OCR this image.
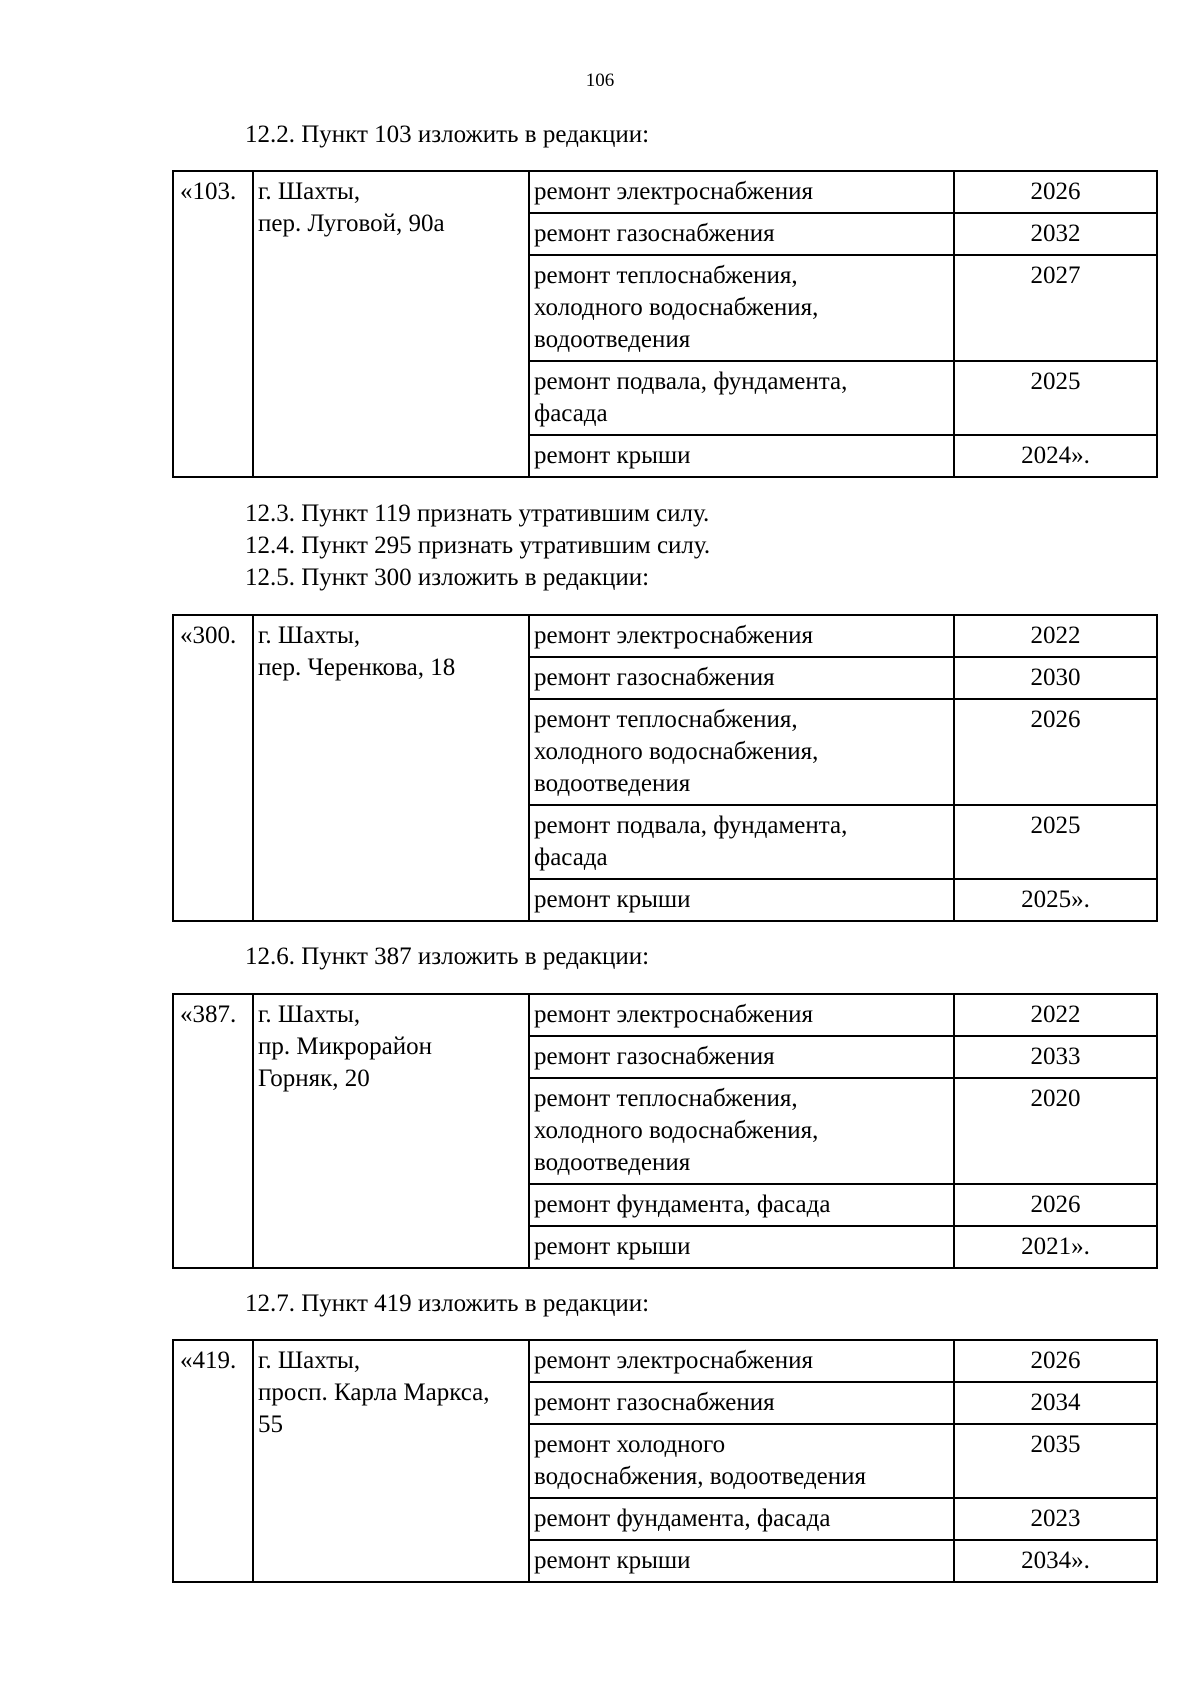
106
12.2. Пункт 103 изложить в редакции:
«103.	г. Шахты,
пер. Луговой, 90а	ремонт электроснабжения	2026

		ремонт газоснабжения	2032

		ремонт теплоснабжения,
холодного водоснабжения,
водоотведения	2027

		ремонт подвала, фундамента,
фасада	2025

		ремонт крыши	2024».
12.3. Пункт 119 признать утратившим силу.
12.4. Пункт 295 признать утратившим силу.
12.5. Пункт 300 изложить в редакции:
«300.	г. Шахты,
пер. Черенкова, 18	ремонт электроснабжения	2022

		ремонт газоснабжения	2030

		ремонт теплоснабжения,
холодного водоснабжения,
водоотведения	2026

		ремонт подвала, фундамента,
фасада	2025

		ремонт крыши	2025».
12.6. Пункт 387 изложить в редакции:
«387.	г. Шахты,
пр. Микрорайон
Горняк, 20	ремонт электроснабжения	2022

		ремонт газоснабжения	2033

		ремонт теплоснабжения,
холодного водоснабжения,
водоотведения	2020

		ремонт фундамента, фасада	2026

		ремонт крыши	2021».
12.7. Пункт 419 изложить в редакции:
«419.	г. Шахты,
просп. Карла Маркса,
55	ремонт электроснабжения	2026

		ремонт газоснабжения	2034

		ремонт холодного
водоснабжения, водоотведения	2035

		ремонт фундамента, фасада	2023

		ремонт крыши	2034».
